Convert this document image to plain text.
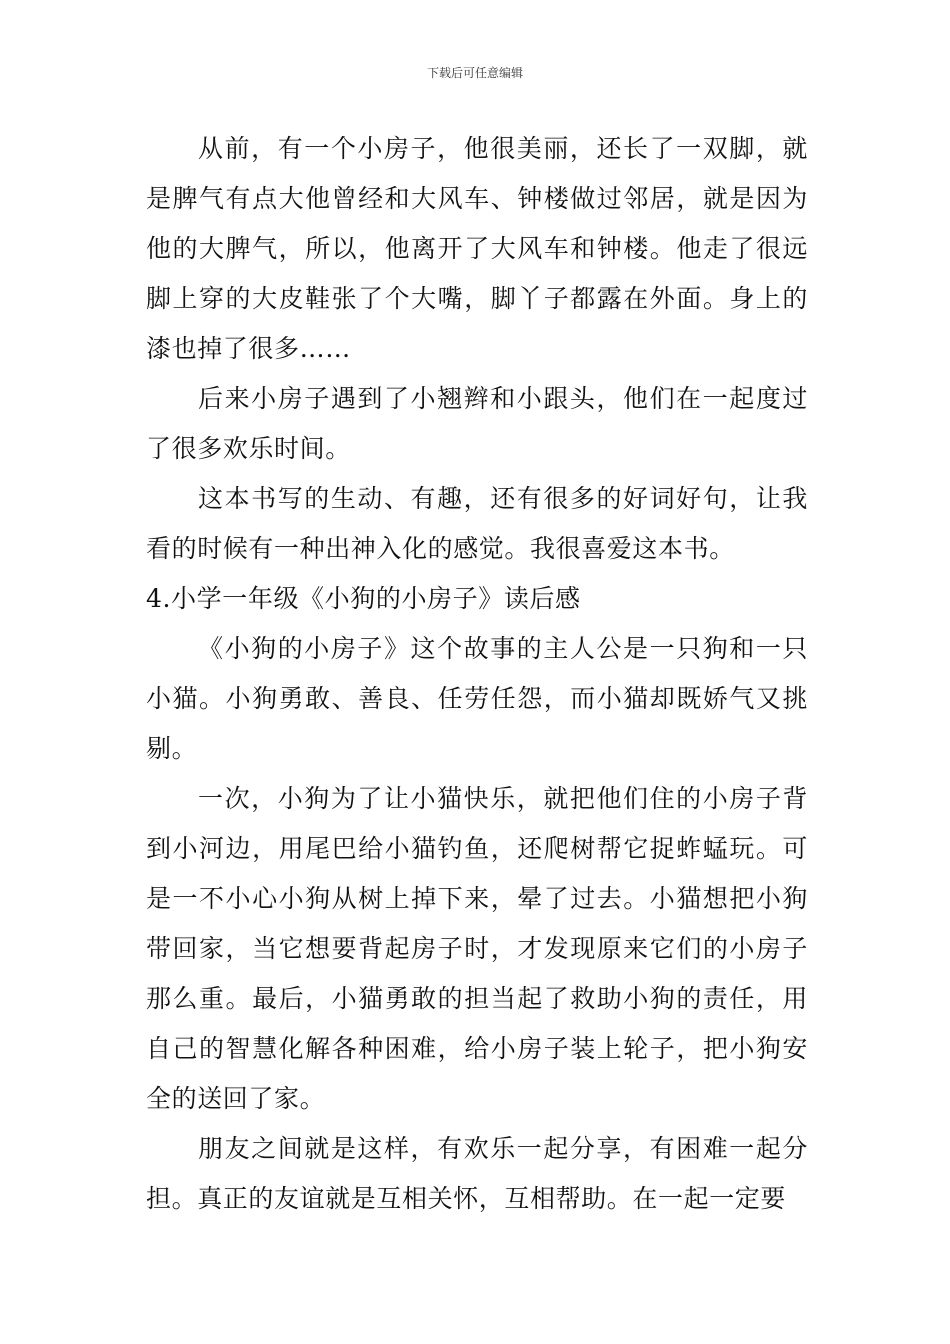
下载后可任意编辑

从前，有一个小房子，他很美丽，还长了一双脚，就是脾气有点大他曾经和大风车、钟楼做过邻居，就是因为他的大脾气，所以，他离开了大风车和钟楼。他走了很远脚上穿的大皮鞋张了个大嘴，脚丫子都露在外面。身上的漆也掉了很多……

后来小房子遇到了小翘辫和小跟头，他们在一起度过了很多欢乐时间。

这本书写的生动、有趣，还有很多的好词好句，让我看的时候有一种出神入化的感觉。我很喜爱这本书。

4.小学一年级《小狗的小房子》读后感

《小狗的小房子》这个故事的主人公是一只狗和一只小猫。小狗勇敢、善良、任劳任怨，而小猫却既娇气又挑剔。

一次，小狗为了让小猫快乐，就把他们住的小房子背到小河边，用尾巴给小猫钓鱼，还爬树帮它捉蚱蜢玩。可是一不小心小狗从树上掉下来，晕了过去。小猫想把小狗带回家，当它想要背起房子时，才发现原来它们的小房子那么重。最后，小猫勇敢的担当起了救助小狗的责任，用自己的智慧化解各种困难，给小房子装上轮子，把小狗安全的送回了家。

朋友之间就是这样，有欢乐一起分享，有困难一起分担。真正的友谊就是互相关怀，互相帮助。在一起一定要
